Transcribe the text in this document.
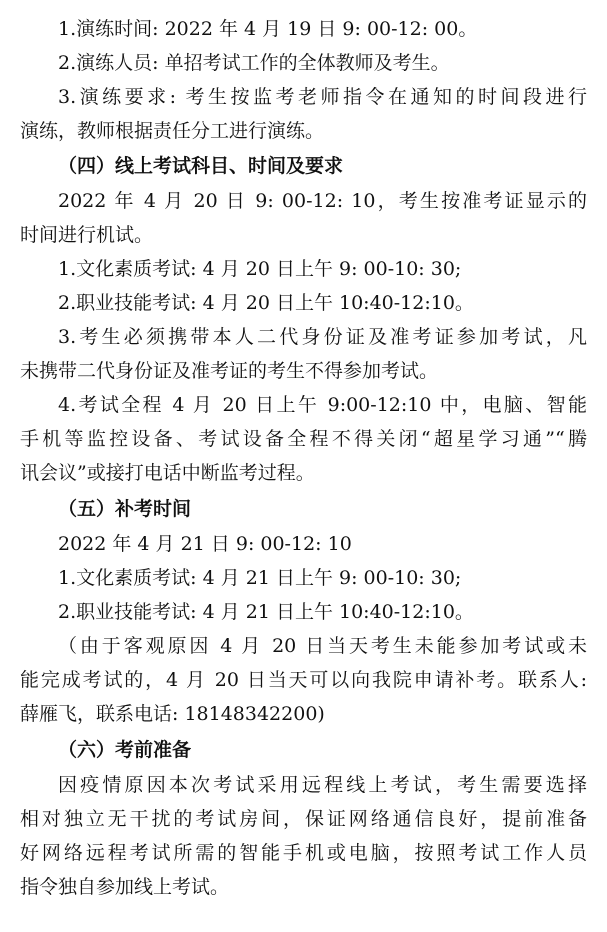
1.演练时间: 2022 年 4 月 19 日 9: 00-12: 00。
2.演练人员: 单招考试工作的全体教师及考生。
3.演练要求: 考生按监考老师指令在通知的时间段进行
演练，教师根据责任分工进行演练。
（四）线上考试科目、时间及要求
2022 年 4 月 20 日 9: 00-12: 10，考生按准考证显示的
时间进行机试。
1.文化素质考试: 4 月 20 日上午 9: 00-10: 30;
2.职业技能考试: 4 月 20 日上午 10:40-12:10。
3.考生必须携带本人二代身份证及准考证参加考试，凡
未携带二代身份证及准考证的考生不得参加考试。
4.考试全程 4 月 20 日上午 9:00-12:10 中，电脑、智能
手机等监控设备、考试设备全程不得关闭“超星学习通”“腾
讯会议”或接打电话中断监考过程。
（五）补考时间
2022 年 4 月 21 日 9: 00-12: 10
1.文化素质考试: 4 月 21 日上午 9: 00-10: 30;
2.职业技能考试: 4 月 21 日上午 10:40-12:10。
（由于客观原因 4 月 20 日当天考生未能参加考试或未
能完成考试的，4 月 20 日当天可以向我院申请补考。联系人:
薛雁飞，联系电话: 18148342200)
（六）考前准备
因疫情原因本次考试采用远程线上考试，考生需要选择
相对独立无干扰的考试房间，保证网络通信良好，提前准备
好网络远程考试所需的智能手机或电脑，按照考试工作人员
指令独自参加线上考试。
